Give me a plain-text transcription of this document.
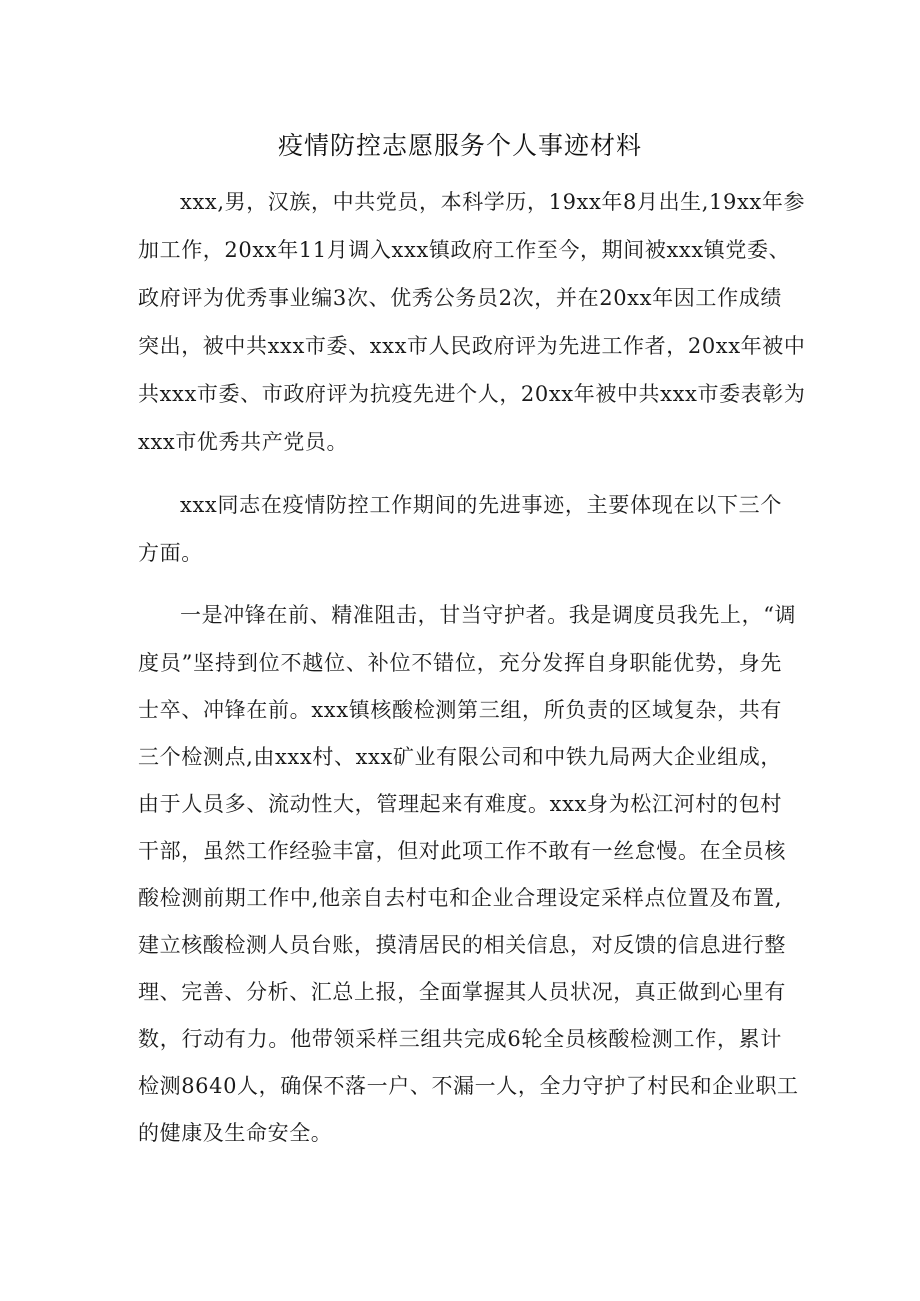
疫情防控志愿服务个人事迹材料
xxx,男，汉族，中共党员，本科学历，19xx年8月出生,19xx年参
加工作，20xx年11月调入xxx镇政府工作至今，期间被xxx镇党委、
政府评为优秀事业编3次、优秀公务员2次，并在20xx年因工作成绩
突出，被中共xxx市委、xxx市人民政府评为先进工作者，20xx年被中
共xxx市委、市政府评为抗疫先进个人，20xx年被中共xxx市委表彰为
xxx市优秀共产党员。
xxx同志在疫情防控工作期间的先进事迹，主要体现在以下三个
方面。
一是冲锋在前、精准阻击，甘当守护者。我是调度员我先上，“调
度员”坚持到位不越位、补位不错位，充分发挥自身职能优势，身先
士卒、冲锋在前。xxx镇核酸检测第三组，所负责的区域复杂，共有
三个检测点,由xxx村、xxx矿业有限公司和中铁九局两大企业组成，
由于人员多、流动性大，管理起来有难度。xxx身为松江河村的包村
干部，虽然工作经验丰富，但对此项工作不敢有一丝怠慢。在全员核
酸检测前期工作中,他亲自去村屯和企业合理设定采样点位置及布置,
建立核酸检测人员台账，摸清居民的相关信息，对反馈的信息进行整
理、完善、分析、汇总上报，全面掌握其人员状况，真正做到心里有
数，行动有力。他带领采样三组共完成6轮全员核酸检测工作，累计
检测8640人，确保不落一户、不漏一人，全力守护了村民和企业职工
的健康及生命安全。
